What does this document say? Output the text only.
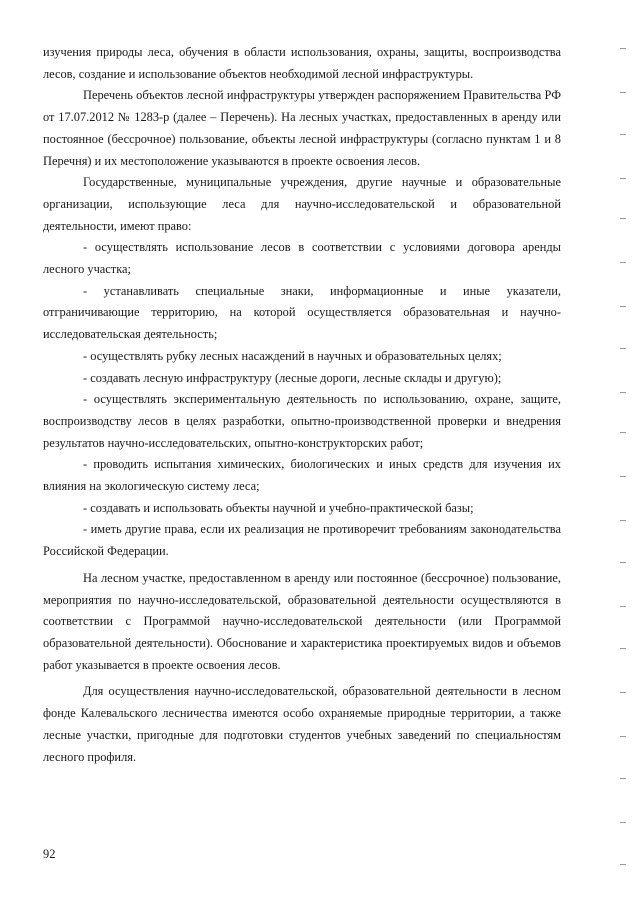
изучения природы леса, обучения в области использования, охраны, защиты, воспроизводства лесов, создание и использование объектов необходимой лесной инфраструктуры.

Перечень объектов лесной инфраструктуры утвержден распоряжением Правительства РФ от 17.07.2012 № 1283-р (далее – Перечень). На лесных участках, предоставленных в аренду или постоянное (бессрочное) пользование, объекты лесной инфраструктуры (согласно пунктам 1 и 8 Перечня) и их местоположение указываются в проекте освоения лесов.

Государственные, муниципальные учреждения, другие научные и образовательные организации, использующие леса для научно-исследовательской и образовательной деятельности, имеют право:

- осуществлять использование лесов в соответствии с условиями договора аренды лесного участка;

- устанавливать специальные знаки, информационные и иные указатели, отграничивающие территорию, на которой осуществляется образовательная и научно-исследовательская деятельность;

- осуществлять рубку лесных насаждений в научных и образовательных целях;

- создавать лесную инфраструктуру (лесные дороги, лесные склады и другую);

- осуществлять экспериментальную деятельность по использованию, охране, защите, воспроизводству лесов в целях разработки, опытно-производственной проверки и внедрения результатов научно-исследовательских, опытно-конструкторских работ;

- проводить испытания химических, биологических и иных средств для изучения их влияния на экологическую систему леса;

- создавать и использовать объекты научной и учебно-практической базы;

- иметь другие права, если их реализация не противоречит требованиям законодательства Российской Федерации.

На лесном участке, предоставленном в аренду или постоянное (бессрочное) пользование, мероприятия по научно-исследовательской, образовательной деятельности осуществляются в соответствии с Программой научно-исследовательской деятельности (или Программой образовательной деятельности). Обоснование и характеристика проектируемых видов и объемов работ указывается в проекте освоения лесов.

Для осуществления научно-исследовательской, образовательной деятельности в лесном фонде Калевальского лесничества имеются особо охраняемые природные территории, а также лесные участки, пригодные для подготовки студентов учебных заведений по специальностям лесного профиля.

92
